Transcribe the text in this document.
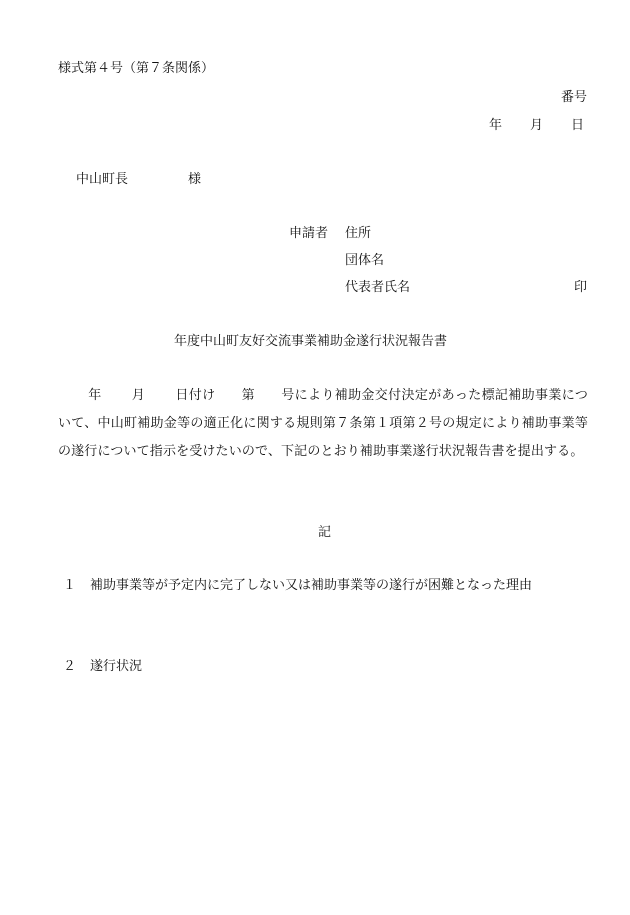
様式第４号（第７条関係）
番号
年 月 日
中山町長	様
申請者 住所
団体名
代表者氏名	印
年度中山町友好交流事業補助金遂行状況報告書
年 月 日付け 第 号により補助金交付決定があった標記補助事業について、中山町補助金等の適正化に関する規則第７条第１項第２号の規定により補助事業等の遂行について指示を受けたいので、下記のとおり補助事業遂行状況報告書を提出する。
記
１ 補助事業等が予定内に完了しない又は補助事業等の遂行が困難となった理由
２ 遂行状況
